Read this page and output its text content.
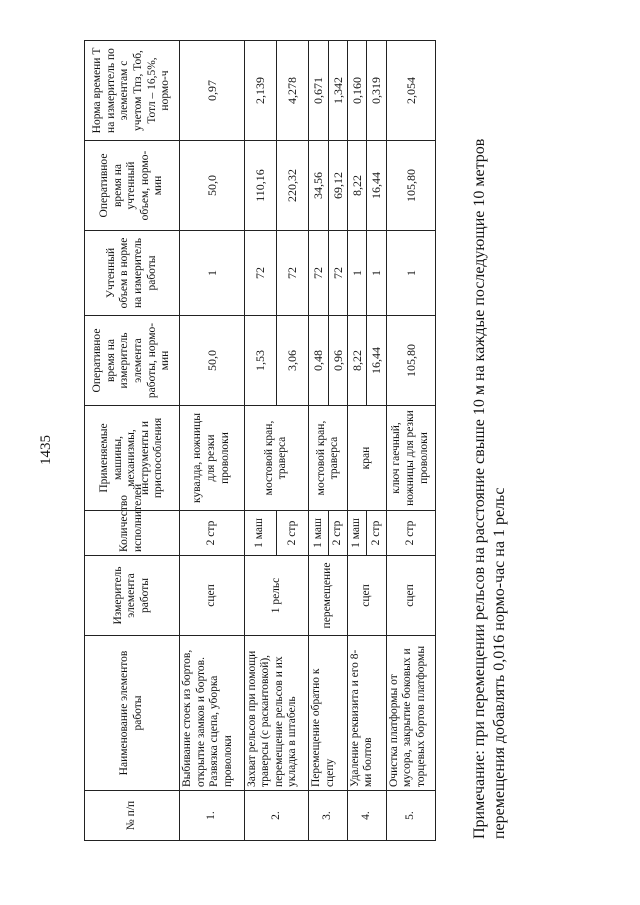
1435
№ п/п	Наименование элементов работы	Измеритель элемента работы	Количество исполнителей	Применяемые машины, механизмы, инструменты и приспособления	Оперативное время на измеритель элемента работы, нормо-мин	Учтенный объем в норме на измеритель работы	Оперативное время на учтенный объем, нормо-мин	Норма времени T на измеритель по элементам с учетом Тпз, Тоб, Тотл – 16,5%, нормо-ч
1.	Выбивание стоек из бортов, открытие замков и бортов. Развязка сцепа, уборка проволоки	сцеп	2 стр	кувалда, ножницы для резки проволоки	50,0	1	50,0	0,97
2.	Захват рельсов при помощи траверсы (с раскантовкой), перемещение рельсов и их укладка в штабель	1 рельс	1 маш	мостовой кран, траверса	1,53	72	110,16	2,139
			2 стр		3,06	72	220,32	4,278
3.	Перемещение обратно к сцепу	перемещение	1 маш	мостовой кран, траверса	0,48	72	34,56	0,671
			2 стр		0,96	72	69,12	1,342
4.	Удаление реквизита и его 8-ми болтов	сцеп	1 маш	кран	8,22	1	8,22	0,160
			2 стр		16,44	1	16,44	0,319
5.	Очистка платформы от мусора, закрытие боковых и торцевых бортов платформы	сцеп	2 стр	ключ гаечный, ножницы для резки проволоки	105,80	1	105,80	2,054
Примечание: при перемещении рельсов на расстояние свыше 10 м на каждые последующие 10 метров перемещения добавлять 0,016 нормо-час на 1 рельс
